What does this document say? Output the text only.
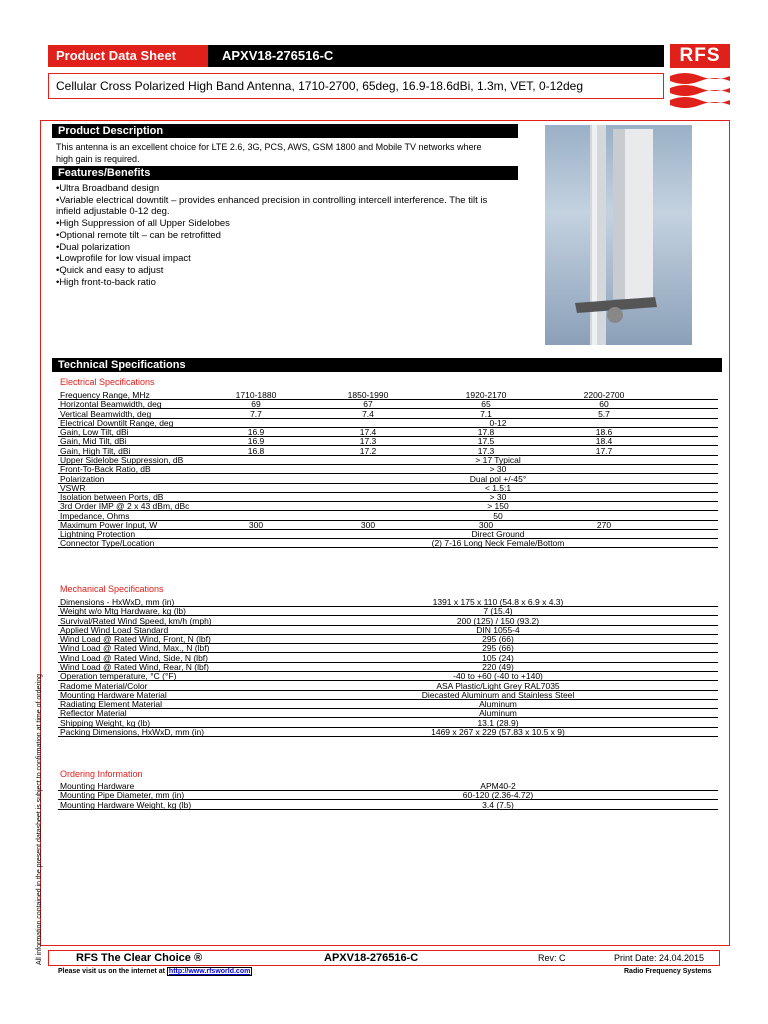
Product Data Sheet	APXV18-276516-C
Cellular Cross Polarized High Band Antenna, 1710-2700, 65deg, 16.9-18.6dBi, 1.3m, VET, 0-12deg
RFS
Product Description
This antenna is an excellent choice for LTE 2.6, 3G, PCS, AWS, GSM 1800 and Mobile TV networks where high gain is required.
Features/Benefits
•Ultra Broadband design
•Variable electrical downtilt – provides enhanced precision in controlling intercell interference. The tilt is infield adjustable 0-12 deg.
•High Suppression of all Upper Sidelobes
•Optional remote tilt – can be retrofitted
•Dual polarization
•Lowprofile for low visual impact
•Quick and easy to adjust
•High front-to-back ratio
Technical Specifications
Electrical Specifications
Frequency Range, MHz	1710-1880	1850-1990	1920-2170	2200-2700
Horizontal Beamwidth, deg	69	67	65	60
Vertical Beamwidth, deg	7.7	7.4	7.1	5.7
Electrical Downtilt Range, deg	0-12
Gain, Low Tilt, dBi	16.9	17.4	17.8	18.6
Gain, Mid Tilt, dBi	16.9	17.3	17.5	18.4
Gain, High Tilt, dBi	16.8	17.2	17.3	17.7
Upper Sidelobe Suppression, dB	> 17 Typical
Front-To-Back Ratio, dB	> 30
Polarization	Dual pol +/-45°
VSWR	< 1.5:1
Isolation between Ports, dB	> 30
3rd Order IMP @ 2 x 43 dBm, dBc	> 150
Impedance, Ohms	50
Maximum Power Input, W	300	300	300	270
Lightning Protection	Direct Ground
Connector Type/Location	(2) 7-16 Long Neck Female/Bottom
Mechanical Specifications
Dimensions - HxWxD, mm (in)	1391 x 175 x 110 (54.8 x 6.9 x 4.3)
Weight w/o Mtg Hardware, kg (lb)	7 (15.4)
Survival/Rated Wind Speed, km/h (mph)	200 (125) / 150 (93.2)
Applied Wind Load Standard	DIN 1055-4
Wind Load @ Rated Wind, Front, N (lbf)	295 (66)
Wind Load @ Rated Wind, Max., N (lbf)	295 (66)
Wind Load @ Rated Wind, Side, N (lbf)	105 (24)
Wind Load @ Rated Wind, Rear, N (lbf)	220 (49)
Operation temperature, °C (°F)	-40 to +60 (-40 to +140)
Radome Material/Color	ASA Plastic/Light Grey RAL7035
Mounting Hardware Material	Diecasted Aluminum and Stainless Steel
Radiating Element Material	Aluminum
Reflector Material	Aluminum
Shipping Weight, kg (lb)	13.1 (28.9)
Packing Dimensions, HxWxD, mm (in)	1469 x 267 x 229 (57.83 x 10.5 x 9)
Ordering Information
Mounting Hardware	APM40-2
Mounting Pipe Diameter, mm (in)	60-120 (2.36-4.72)
Mounting Hardware Weight, kg (lb)	3.4 (7.5)
RFS The Clear Choice ®	APXV18-276516-C	Rev: C	Print Date: 24.04.2015
Please visit us on the internet at http://www.rfsworld.com	Radio Frequency Systems
All information contained in the present datasheet is subject to confirmation at time of ordering
